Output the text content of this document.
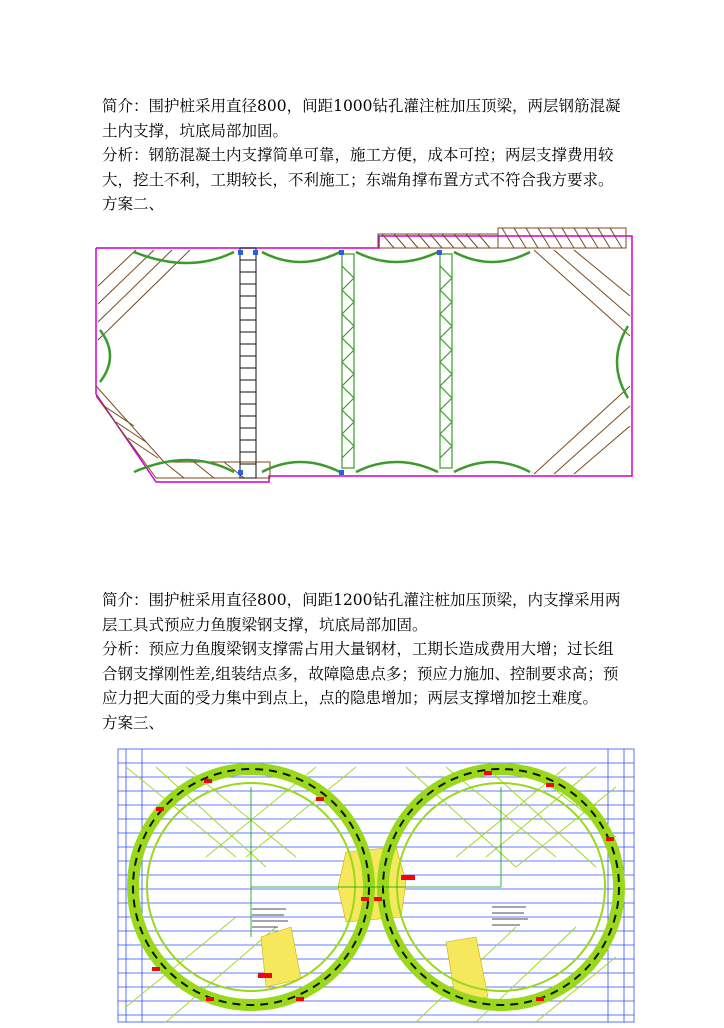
简介：围护桩采用直径800，间距1000钻孔灌注桩加压顶梁，两层钢筋混凝土内支撑，坑底局部加固。

分析：钢筋混凝土内支撑简单可靠，施工方便，成本可控；两层支撑费用较大，挖土不利，工期较长，不利施工；东端角撑布置方式不符合我方要求。

方案二、

简介：围护桩采用直径800，间距1200钻孔灌注桩加压顶梁，内支撑采用两层工具式预应力鱼腹梁钢支撑，坑底局部加固。

分析：预应力鱼腹梁钢支撑需占用大量钢材，工期长造成费用大增；过长组合钢支撑刚性差,组装结点多，故障隐患点多；预应力施加、控制要求高；预应力把大面的受力集中到点上，点的隐患增加；两层支撑增加挖土难度。

方案三、
